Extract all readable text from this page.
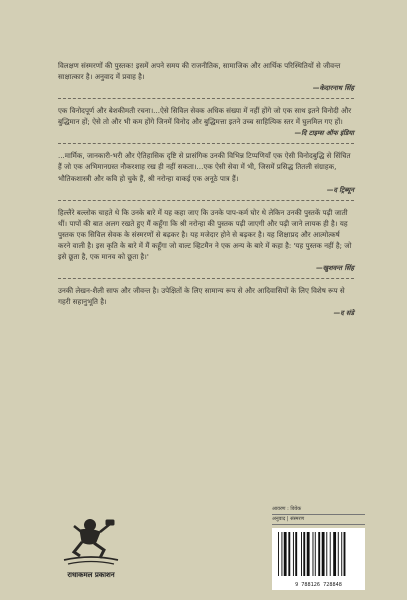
विलक्षण संस्मरणों की पुस्तक! इसमें अपने समय की राजनीतिक, सामाजिक और आर्थिक परिस्थितियों से जीवन्त साक्षात्कार है। अनुवाद में प्रवाह है।

—केदारनाथ सिंह

एक विनोदपूर्ण और बेशकीमती रचना।...ऐसे सिविल सेवक अधिक संख्या में नहीं होंगे जो एक साथ इतने विनोदी और बुद्धिमान हों; ऐसे तो और भी कम होंगे जिनमें विनोद और बुद्धिमत्ता इतने उच्च साहित्यिक स्तर में घुलमिल गए हों।

—दि टाइम्स ऑफ इंडिया

...मार्मिक, जानकारी-भरी और ऐतिहासिक दृष्टि से प्रासंगिक उनकी विभिन्न टिप्पणियाँ एक ऐसी विनोदबुद्धि से सिंचित हैं जो एक अभिमानग्रस्त नौकरशाह रख ही नहीं सकता।...एक ऐसी सेवा में भी, जिसमें प्रसिद्ध तितली संग्राहक, भौतिकशास्त्री और कवि हो चुके हैं, श्री नरोन्हा वाकई एक अनूठे पात्र हैं।

—द ट्रिब्यून

हिल्लैरे बल्लोक चाहते थे कि उनके बारे में यह कहा जाए कि उनके पाप-कर्म घोर थे लेकिन उनकी पुस्तकें पढ़ी जाती थीं। पापों की बात अलग रखते हुए मैं कहूँगा कि श्री नरोन्हा की पुस्तक पढ़ी जाएगी और पढ़ी जाने लायक ही है। यह पुस्तक एक सिविल सेवक के संस्मरणों से बढ़कर है। यह मजेदार होने से बढ़कर है। यह शिक्षाप्रद और आत्मोत्कर्ष करने वाली है। इस कृति के बारे में मैं कहूँगा जो वाल्ट व्हिटमैन ने एक अन्य के बारे में कहा है: 'यह पुस्तक नहीं है; जो इसे छूता है, एक मानव को छूता है।'

—खुशवन्त सिंह

उनकी लेखन-शैली साफ और जीवन्त है। उपेक्षितों के लिए सामान्य रूप से और आदिवासियों के लिए विशेष रूप से गहरी सहानुभूति है।

—द संडे
राधाकमल प्रकाशन
आवरण : विवेक
अनुवाद | संस्मरण
9 788126 728848
